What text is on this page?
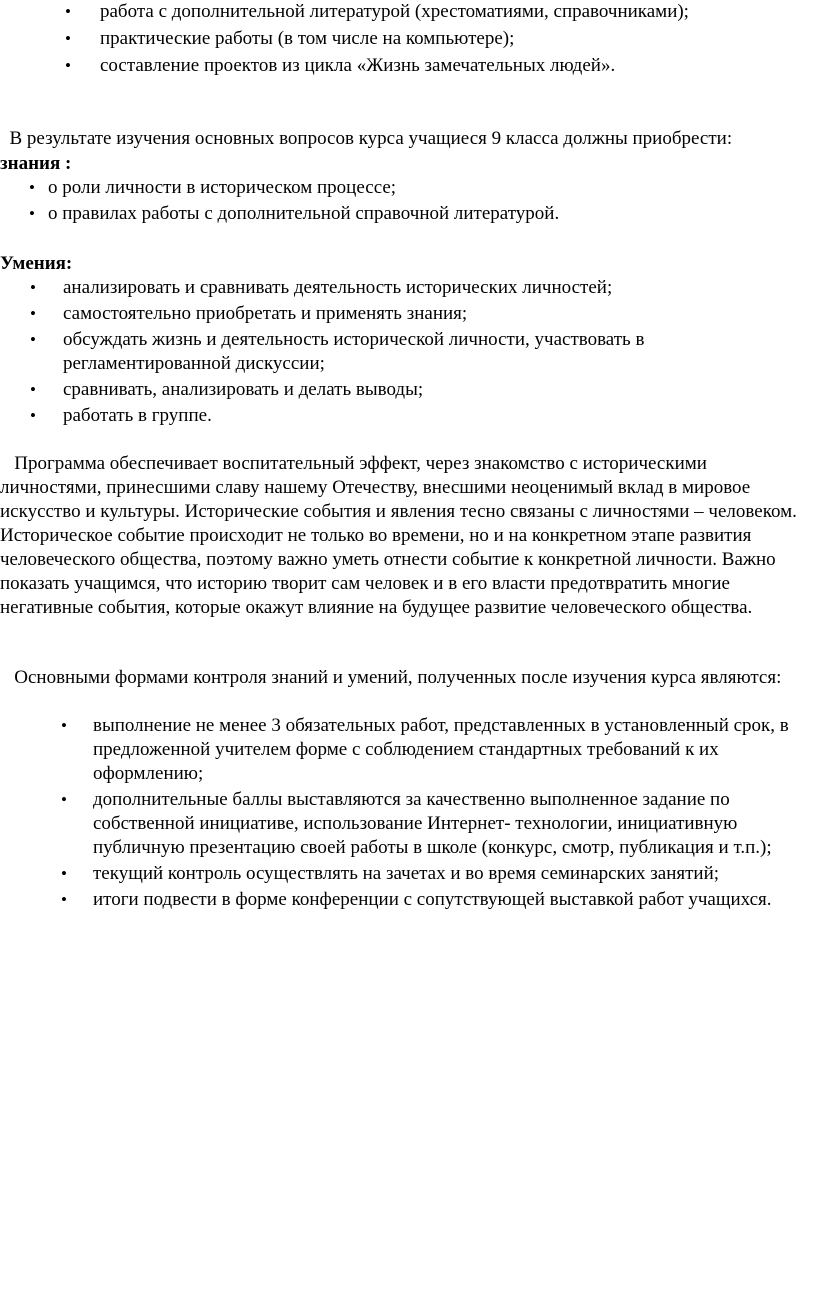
• работа с дополнительной литературой (хрестоматиями, справочниками);
• практические работы (в том числе на компьютере);
• составление проектов из цикла «Жизнь замечательных людей».

В результате изучения основных вопросов курса учащиеся 9 класса должны приобрести:

знания :

• о роли личности в историческом процессе;
• о правилах работы с дополнительной справочной литературой.

Умения:

• анализировать и сравнивать деятельность исторических личностей;
• самостоятельно приобретать и применять знания;
• обсуждать жизнь и деятельность исторической личности, участвовать в регламентированной дискуссии;
• сравнивать, анализировать и делать выводы;
• работать в группе.

Программа обеспечивает воспитательный эффект, через знакомство с историческими личностями, принесшими славу нашему Отечеству, внесшими неоценимый вклад в мировое искусство и культуры. Исторические события и явления тесно связаны с личностями – человеком. Историческое событие происходит не только во времени, но и на конкретном этапе развития человеческого общества, поэтому важно уметь отнести событие к конкретной личности. Важно показать учащимся, что историю творит сам человек и в его власти предотвратить многие негативные события, которые окажут влияние на будущее развитие человеческого общества.

Основными формами контроля знаний и умений, полученных после изучения курса являются:

• выполнение не менее 3 обязательных работ, представленных в установленный срок, в предложенной учителем форме с соблюдением стандартных требований к их оформлению;
• дополнительные баллы выставляются за качественно выполненное задание по собственной инициативе, использование Интернет- технологии, инициативную публичную презентацию своей работы в школе (конкурс, смотр, публикация и т.п.);
• текущий контроль осуществлять на зачетах и во время семинарских занятий;
• итоги подвести в форме конференции с сопутствующей выставкой работ учащихся.
